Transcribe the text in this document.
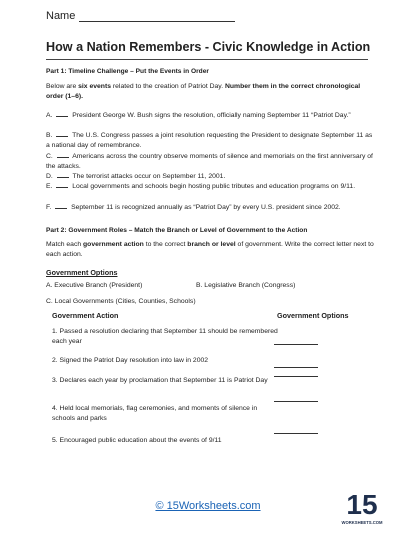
Name
How a Nation Remembers - Civic Knowledge in Action
Part 1: Timeline Challenge – Put the Events in Order
Below are six events related to the creation of Patriot Day. Number them in the correct chronological order (1–6).
A.	President George W. Bush signs the resolution, officially naming September 11 “Patriot Day.”
B.	The U.S. Congress passes a joint resolution requesting the President to designate September 11 as a national day of remembrance.
C.	Americans across the country observe moments of silence and memorials on the first anniversary of the attacks.
D.	The terrorist attacks occur on September 11, 2001.
E.	Local governments and schools begin hosting public tributes and education programs on 9/11.
F.	September 11 is recognized annually as “Patriot Day” by every U.S. president since 2002.
Part 2: Government Roles – Match the Branch or Level of Government to the Action
Match each government action to the correct branch or level of government. Write the correct letter next to each action.
Government Options
A. Executive Branch (President)	B. Legislative Branch (Congress)
C. Local Governments (Cities, Counties, Schools)
Government Action	Government Options
1. Passed a resolution declaring that September 11 should be remembered each year
2. Signed the Patriot Day resolution into law in 2002
3. Declares each year by proclamation that September 11 is Patriot Day
4. Held local memorials, flag ceremonies, and moments of silence in schools and parks
5. Encouraged public education about the events of 9/11
© 15Worksheets.com	15
WORKSHEETS.COM
